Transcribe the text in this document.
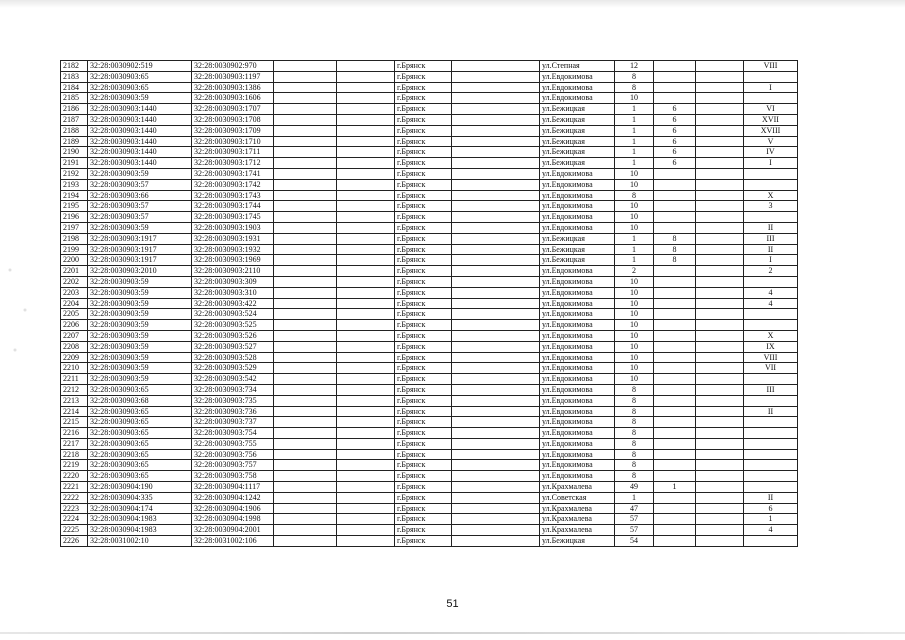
2182	32:28:0030902:519	32:28:0030902:970			г.Брянск		ул.Степная	12			VIII
2183	32:28:0030903:65	32:28:0030903:1197			г.Брянск		ул.Евдокимова	8			
2184	32:28:0030903:65	32:28:0030903:1386			г.Брянск		ул.Евдокимова	8			I
2185	32:28:0030903:59	32:28:0030903:1606			г.Брянск		ул.Евдокимова	10			
2186	32:28:0030903:1440	32:28:0030903:1707			г.Брянск		ул.Бежицкая	1	6		VI
2187	32:28:0030903:1440	32:28:0030903:1708			г.Брянск		ул.Бежицкая	1	6		XVII
2188	32:28:0030903:1440	32:28:0030903:1709			г.Брянск		ул.Бежицкая	1	6		XVIII
2189	32:28:0030903:1440	32:28:0030903:1710			г.Брянск		ул.Бежицкая	1	6		V
2190	32:28:0030903:1440	32:28:0030903:1711			г.Брянск		ул.Бежицкая	1	6		IV
2191	32:28:0030903:1440	32:28:0030903:1712			г.Брянск		ул.Бежицкая	1	6		I
2192	32:28:0030903:59	32:28:0030903:1741			г.Брянск		ул.Евдокимова	10			
2193	32:28:0030903:57	32:28:0030903:1742			г.Брянск		ул.Евдокимова	10			
2194	32:28:0030903:66	32:28:0030903:1743			г.Брянск		ул.Евдокимова	8			X
2195	32:28:0030903:57	32:28:0030903:1744			г.Брянск		ул.Евдокимова	10			3
2196	32:28:0030903:57	32:28:0030903:1745			г.Брянск		ул.Евдокимова	10			
2197	32:28:0030903:59	32:28:0030903:1903			г.Брянск		ул.Евдокимова	10			II
2198	32:28:0030903:1917	32:28:0030903:1931			г.Брянск		ул.Бежицкая	1	8		III
2199	32:28:0030903:1917	32:28:0030903:1932			г.Брянск		ул.Бежицкая	1	8		II
2200	32:28:0030903:1917	32:28:0030903:1969			г.Брянск		ул.Бежицкая	1	8		I
2201	32:28:0030903:2010	32:28:0030903:2110			г.Брянск		ул.Евдокимова	2			2
2202	32:28:0030903:59	32:28:0030903:309			г.Брянск		ул.Евдокимова	10			
2203	32:28:0030903:59	32:28:0030903:310			г.Брянск		ул.Евдокимова	10			4
2204	32:28:0030903:59	32:28:0030903:422			г.Брянск		ул.Евдокимова	10			4
2205	32:28:0030903:59	32:28:0030903:524			г.Брянск		ул.Евдокимова	10			
2206	32:28:0030903:59	32:28:0030903:525			г.Брянск		ул.Евдокимова	10			
2207	32:28:0030903:59	32:28:0030903:526			г.Брянск		ул.Евдокимова	10			X
2208	32:28:0030903:59	32:28:0030903:527			г.Брянск		ул.Евдокимова	10			IX
2209	32:28:0030903:59	32:28:0030903:528			г.Брянск		ул.Евдокимова	10			VIII
2210	32:28:0030903:59	32:28:0030903:529			г.Брянск		ул.Евдокимова	10			VII
2211	32:28:0030903:59	32:28:0030903:542			г.Брянск		ул.Евдокимова	10			
2212	32:28:0030903:65	32:28:0030903:734			г.Брянск		ул.Евдокимова	8			III
2213	32:28:0030903:68	32:28:0030903:735			г.Брянск		ул.Евдокимова	8			
2214	32:28:0030903:65	32:28:0030903:736			г.Брянск		ул.Евдокимова	8			II
2215	32:28:0030903:65	32:28:0030903:737			г.Брянск		ул.Евдокимова	8			
2216	32:28:0030903:65	32:28:0030903:754			г.Брянск		ул.Евдокимова	8			
2217	32:28:0030903:65	32:28:0030903:755			г.Брянск		ул.Евдокимова	8			
2218	32:28:0030903:65	32:28:0030903:756			г.Брянск		ул.Евдокимова	8			
2219	32:28:0030903:65	32:28:0030903:757			г.Брянск		ул.Евдокимова	8			
2220	32:28:0030903:65	32:28:0030903:758			г.Брянск		ул.Евдокимова	8			
2221	32:28:0030904:190	32:28:0030904:1117			г.Брянск		ул.Крахмалева	49	1		
2222	32:28:0030904:335	32:28:0030904:1242			г.Брянск		ул.Советская	1			II
2223	32:28:0030904:174	32:28:0030904:1906			г.Брянск		ул.Крахмалева	47			6
2224	32:28:0030904:1983	32:28:0030904:1998			г.Брянск		ул.Крахмалева	57			1
2225	32:28:0030904:1983	32:28:0030904:2001			г.Брянск		ул.Крахмалева	57			4
2226	32:28:0031002:10	32:28:0031002:106			г.Брянск		ул.Бежицкая	54			
51
